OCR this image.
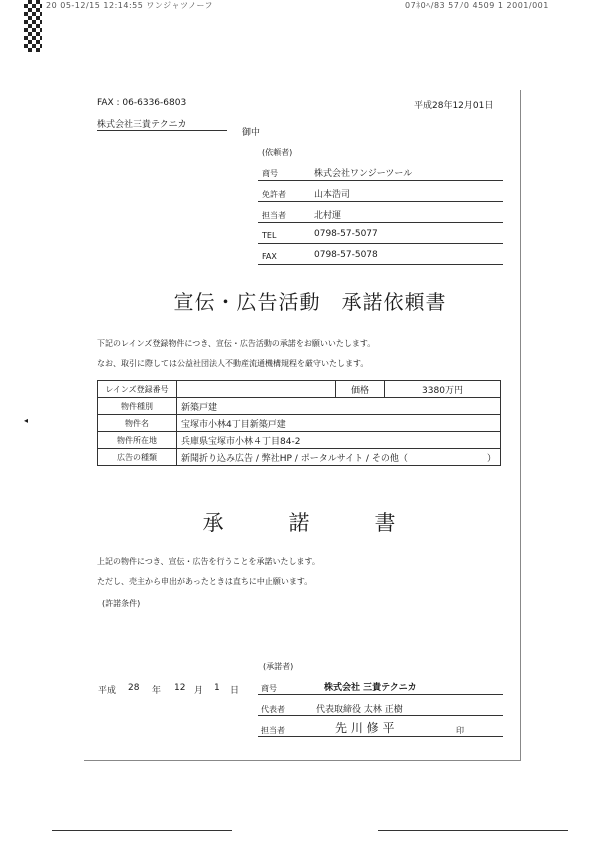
20 05-12/15 12:14:55 ワンジャツノーフ	07ﾈ0ﾍ/83 57ﾉ0 4509 1 2001/001
FAX : 06-6336-6803	平成28年12月01日
株式会社三貴テクニカ
御中
(依頼者)
商号	株式会社ワンジーツール
免許者	山本浩司
担当者	北村運
TEL	0798-57-5077
FAX	0798-57-5078
宣伝・広告活動　承諾依頼書
下記のレインズ登録物件につき、宣伝・広告活動の承諾をお願いいたします。
なお、取引に際しては公益社団法人不動産流通機構規程を厳守いたします。
レインズ登録番号		価格	3380万円
物件種別	新築戸建		
物件名	宝塚市小林4丁目新築戸建		
物件所在地	兵庫県宝塚市小林４丁目84-2		
広告の種類	新聞折り込み広告 / 弊社HP / ポータルサイト / その他（ ）		
◂
承　諾　書
上記の物件につき、宣伝・広告を行うことを承諾いたします。
ただし、売主から申出があったときは直ちに中止願います。
(許諾条件)
(承諾者)
平成 28 年 12 月 1 日	商号	株式会社 三貴テクニカ
代表者	代表取締役 太林 正樹
担当者	先 川 修 平	印
